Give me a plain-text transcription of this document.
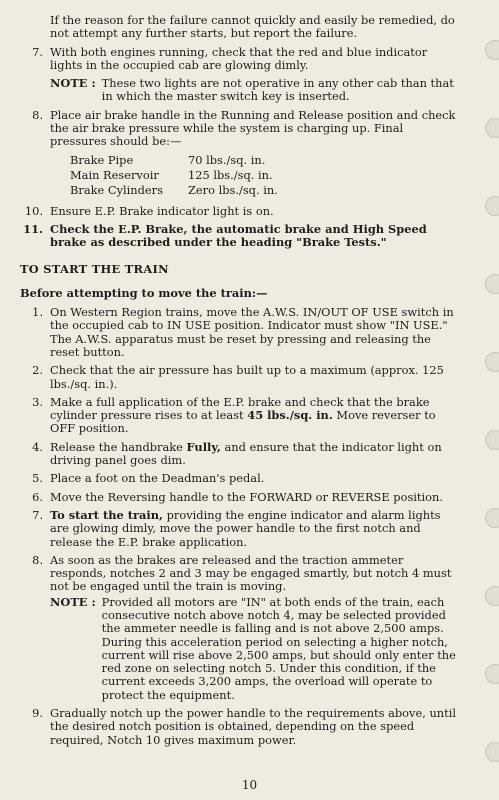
If the reason for the failure cannot quickly and easily be remedied, do not attempt any further starts, but report the failure.

7. With both engines running, check that the red and blue indicator lights in the occupied cab are glowing dimly.
NOTE : These two lights are not operative in any other cab than that in which the master switch key is inserted.
8. Place air brake handle in the Running and Release position and check the air brake pressure while the system is charging up. Final pressures should be:—
Brake Pipe	70 lbs./sq. in.
Main Reservoir	125 lbs./sq. in.
Brake Cylinders	Zero lbs./sq. in.
10. Ensure E.P. Brake indicator light is on.
11. Check the E.P. Brake, the automatic brake and High Speed brake as described under the heading "Brake Tests."

TO START THE TRAIN

Before attempting to move the train:—

1. On Western Region trains, move the A.W.S. IN/OUT OF USE switch in the occupied cab to IN USE position. Indicator must show "IN USE." The A.W.S. apparatus must be reset by pressing and releasing the reset button.
2. Check that the air pressure has built up to a maximum (approx. 125 lbs./sq. in.).
3. Make a full application of the E.P. brake and check that the brake cylinder pressure rises to at least 45 lbs./sq. in. Move reverser to OFF position.
4. Release the handbrake Fully, and ensure that the indicator light on driving panel goes dim.
5. Place a foot on the Deadman's pedal.
6. Move the Reversing handle to the FORWARD or REVERSE position.
7. To start the train, providing the engine indicator and alarm lights are glowing dimly, move the power handle to the first notch and release the E.P. brake application.
8. As soon as the brakes are released and the traction ammeter responds, notches 2 and 3 may be engaged smartly, but notch 4 must not be engaged until the train is moving.
NOTE : Provided all motors are "IN" at both ends of the train, each consecutive notch above notch 4, may be selected provided the ammeter needle is falling and is not above 2,500 amps. During this acceleration period on selecting a higher notch, current will rise above 2,500 amps, but should only enter the red zone on selecting notch 5. Under this condition, if the current exceeds 3,200 amps, the overload will operate to protect the equipment.
9. Gradually notch up the power handle to the requirements above, until the desired notch position is obtained, depending on the speed required, Notch 10 gives maximum power.
10
